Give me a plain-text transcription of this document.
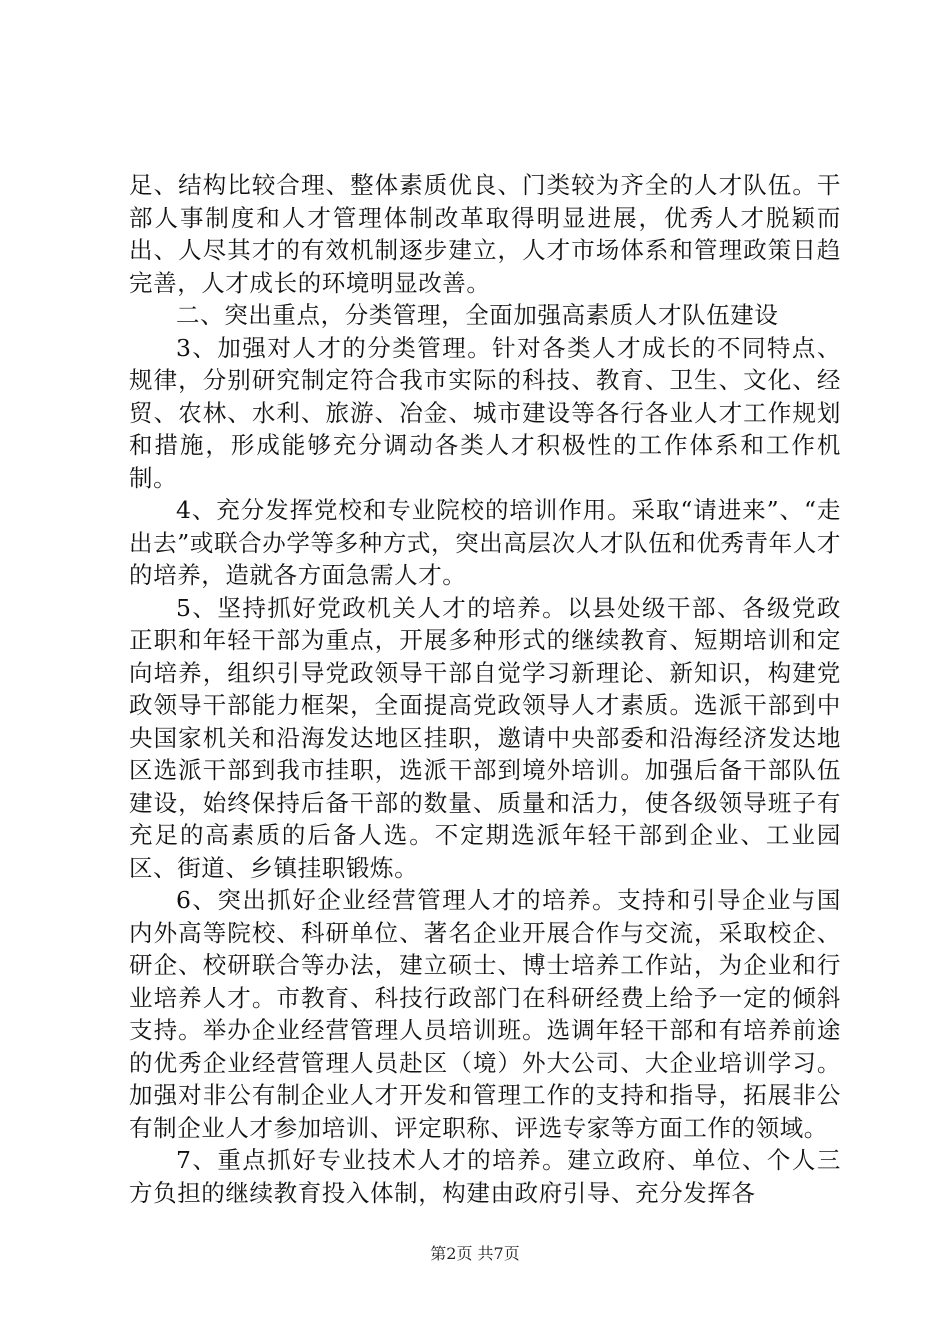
足、结构比较合理、整体素质优良、门类较为齐全的人才队伍。干部人事制度和人才管理体制改革取得明显进展，优秀人才脱颖而出、人尽其才的有效机制逐步建立，人才市场体系和管理政策日趋完善，人才成长的环境明显改善。

二、突出重点，分类管理，全面加强高素质人才队伍建设

3、加强对人才的分类管理。针对各类人才成长的不同特点、规律，分别研究制定符合我市实际的科技、教育、卫生、文化、经贸、农林、水利、旅游、冶金、城市建设等各行各业人才工作规划和措施，形成能够充分调动各类人才积极性的工作体系和工作机制。

4、充分发挥党校和专业院校的培训作用。采取“请进来”、“走出去”或联合办学等多种方式，突出高层次人才队伍和优秀青年人才的培养，造就各方面急需人才。

5、坚持抓好党政机关人才的培养。以县处级干部、各级党政正职和年轻干部为重点，开展多种形式的继续教育、短期培训和定向培养，组织引导党政领导干部自觉学习新理论、新知识，构建党政领导干部能力框架，全面提高党政领导人才素质。选派干部到中央国家机关和沿海发达地区挂职，邀请中央部委和沿海经济发达地区选派干部到我市挂职，选派干部到境外培训。加强后备干部队伍建设，始终保持后备干部的数量、质量和活力，使各级领导班子有充足的高素质的后备人选。不定期选派年轻干部到企业、工业园区、街道、乡镇挂职锻炼。

6、突出抓好企业经营管理人才的培养。支持和引导企业与国内外高等院校、科研单位、著名企业开展合作与交流，采取校企、研企、校研联合等办法，建立硕士、博士培养工作站，为企业和行业培养人才。市教育、科技行政部门在科研经费上给予一定的倾斜支持。举办企业经营管理人员培训班。选调年轻干部和有培养前途的优秀企业经营管理人员赴区（境）外大公司、大企业培训学习。加强对非公有制企业人才开发和管理工作的支持和指导，拓展非公有制企业人才参加培训、评定职称、评选专家等方面工作的领域。

7、重点抓好专业技术人才的培养。建立政府、单位、个人三方负担的继续教育投入体制，构建由政府引导、充分发挥各

第2页 共7页
